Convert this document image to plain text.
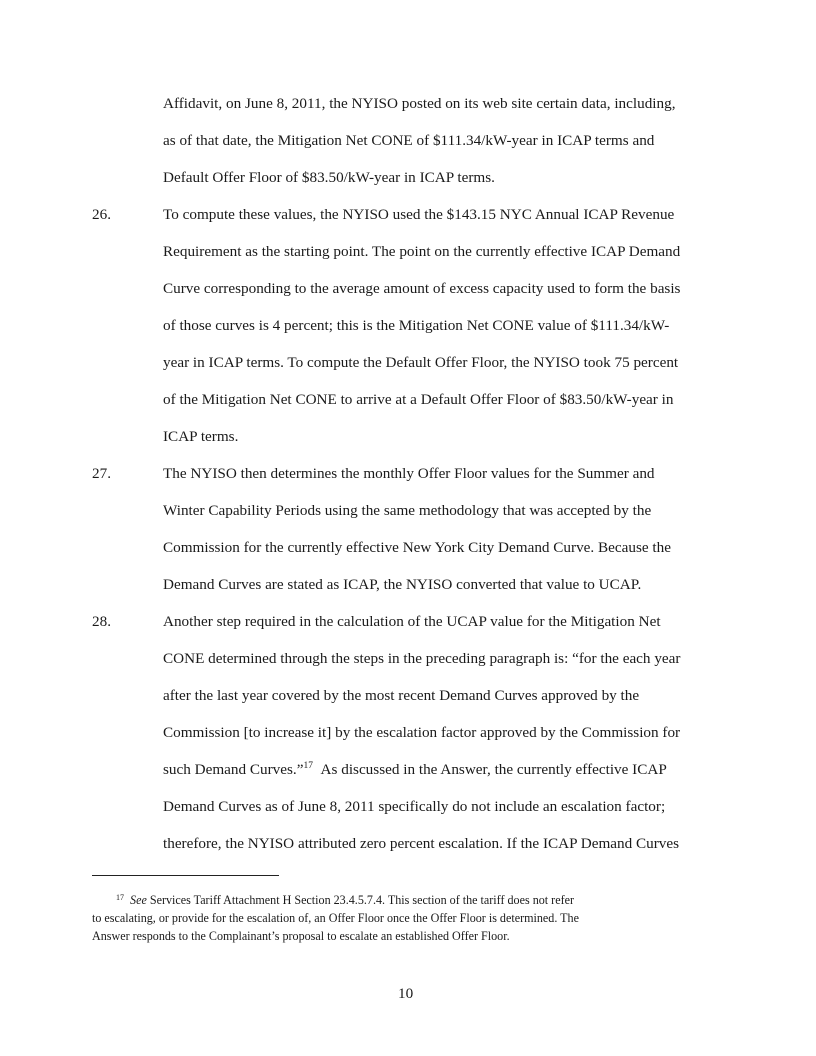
Affidavit, on June 8, 2011, the NYISO posted on its web site certain data, including,
as of that date, the Mitigation Net CONE of $111.34/kW-year in ICAP terms and
Default Offer Floor of $83.50/kW-year in ICAP terms.
26.	To compute these values, the NYISO used the $143.15 NYC Annual ICAP Revenue
Requirement as the starting point. The point on the currently effective ICAP Demand
Curve corresponding to the average amount of excess capacity used to form the basis
of those curves is 4 percent; this is the Mitigation Net CONE value of $111.34/kW-
year in ICAP terms. To compute the Default Offer Floor, the NYISO took 75 percent
of the Mitigation Net CONE to arrive at a Default Offer Floor of $83.50/kW-year in
ICAP terms.
27.	The NYISO then determines the monthly Offer Floor values for the Summer and
Winter Capability Periods using the same methodology that was accepted by the
Commission for the currently effective New York City Demand Curve. Because the
Demand Curves are stated as ICAP, the NYISO converted that value to UCAP.
28.	Another step required in the calculation of the UCAP value for the Mitigation Net
CONE determined through the steps in the preceding paragraph is: “for the each year
after the last year covered by the most recent Demand Curves approved by the
Commission [to increase it] by the escalation factor approved by the Commission for
such Demand Curves.”$^{17}$ As discussed in the Answer, the currently effective ICAP
Demand Curves as of June 8, 2011 specifically do not include an escalation factor;
therefore, the NYISO attributed zero percent escalation. If the ICAP Demand Curves
$^{17}$ See Services Tariff Attachment H Section 23.4.5.7.4. This section of the tariff does not refer
to escalating, or provide for the escalation of, an Offer Floor once the Offer Floor is determined. The
Answer responds to the Complainant’s proposal to escalate an established Offer Floor.
10
